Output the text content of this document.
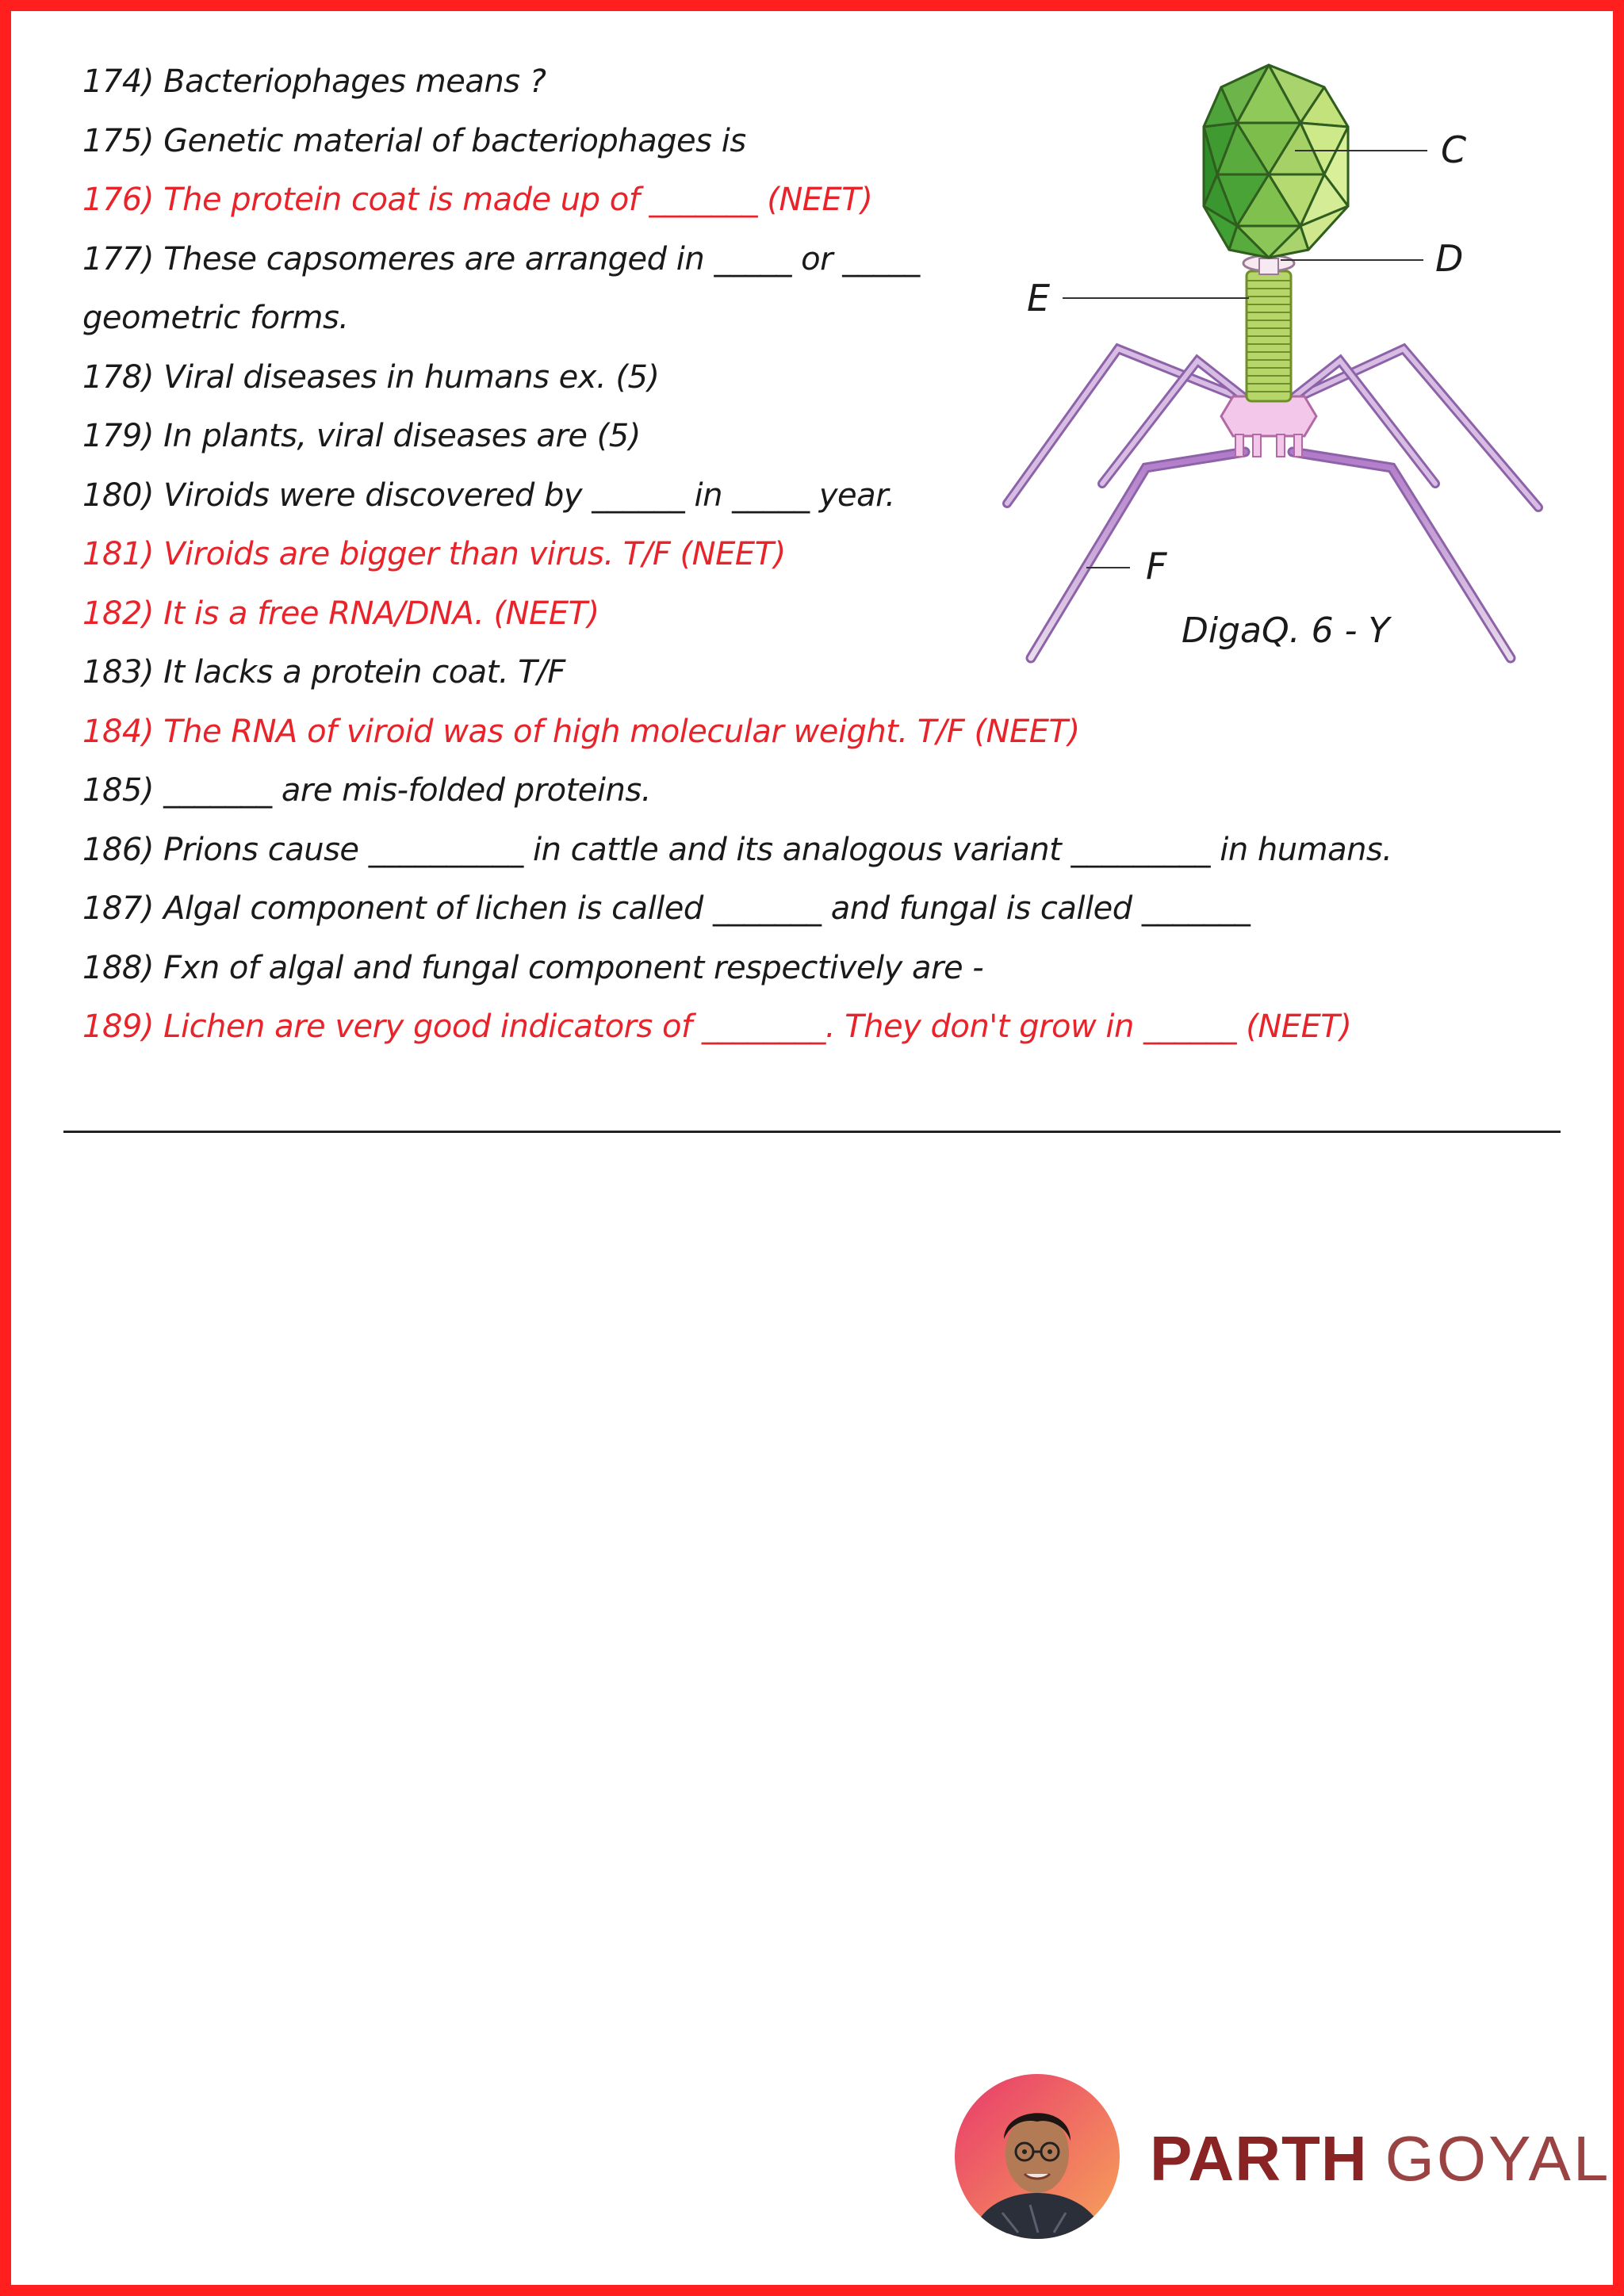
174) Bacteriophages means ?
175) Genetic material of bacteriophages is
176) The protein coat is made up of _______ (NEET)
177) These capsomeres are arranged in _____ or _____
geometric forms.
178) Viral diseases in humans ex. (5)
179) In plants, viral diseases are (5)
180) Viroids were discovered by ______ in _____ year.
181) Viroids are bigger than virus. T/F (NEET)
182) It is a free RNA/DNA. (NEET)
183) It lacks a protein coat. T/F
184) The RNA of viroid was of high molecular weight. T/F (NEET)
185) _______ are mis-folded proteins.
186) Prions cause __________ in cattle and its analogous variant _________ in humans.
187) Algal component of lichen is called _______ and fungal is called _______
188) Fxn of algal and fungal component respectively are -
189) Lichen are very good indicators of ________. They don't grow in ______ (NEET)
C
D
E
F
DigaQ. 6 - Y
PARTH GOYAL
